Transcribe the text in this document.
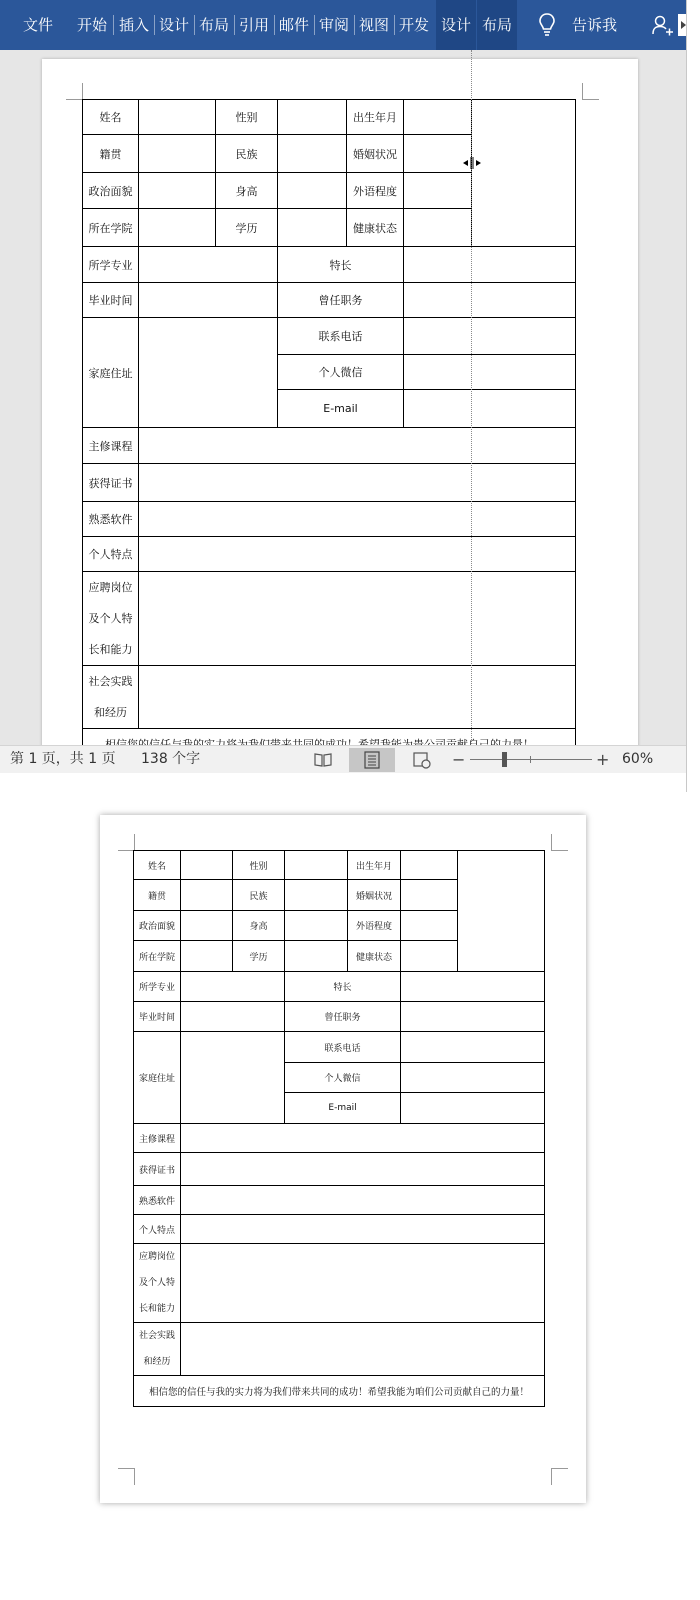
文件	开始 插入 设计 布局 引用 邮件 审阅 视图 开发 设计 布局	告诉我
姓名		性别		出生年月		
籍贯		民族		婚姻状况		
政治面貌		身高		外语程度		
所在学院		学历		健康状态		
所学专业			特长			
毕业时间			曾任职务			
家庭住址			联系电话			
			个人微信			
			E-mail			
主修课程						
获得证书						
熟悉软件						
个人特点						

应聘岗位
及个人特
长和能力						

社会实践
和经历						

第 1 页，共 1 页 138 个字	−	+ 60%
姓名		性别		出生年月		
籍贯		民族		婚姻状况		
政治面貌		身高		外语程度		
所在学院		学历		健康状态		
所学专业			特长			
毕业时间			曾任职务			
家庭住址			联系电话			
			个人微信			
			E-mail			
主修课程						
获得证书						
熟悉软件						
个人特点						

应聘岗位
及个人特
长和能力						

社会实践
和经历						

相信您的信任与我的实力将为我们带来共同的成功！希望我能为咱们公司贡献自己的力量！						
